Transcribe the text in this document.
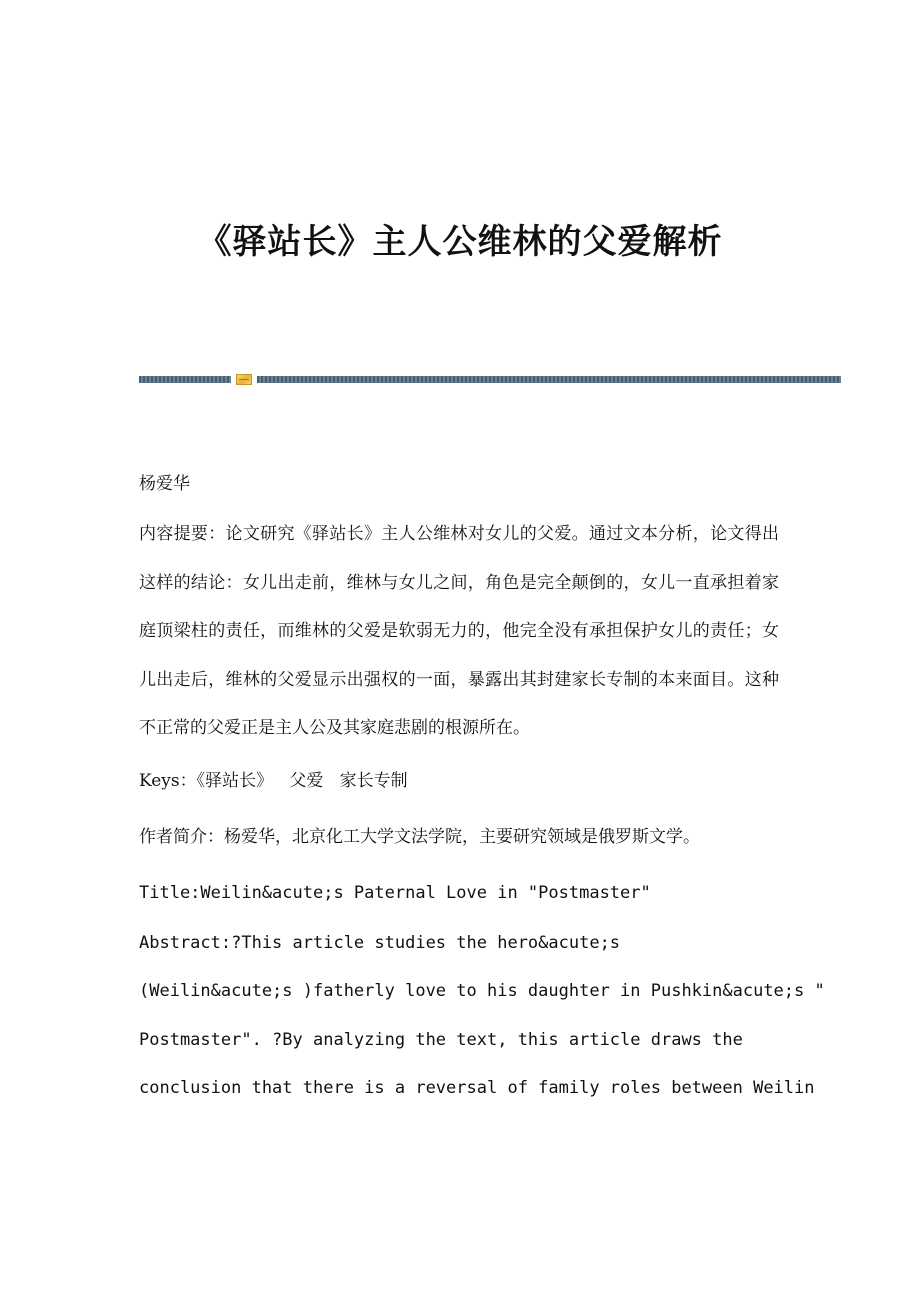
《驿站长》主人公维林的父爱解析

杨爱华

内容提要：论文研究《驿站长》主人公维林对女儿的父爱。通过文本分析，论文得出这样的结论：女儿出走前，维林与女儿之间，角色是完全颠倒的，女儿一直承担着家庭顶梁柱的责任，而维林的父爱是软弱无力的，他完全没有承担保护女儿的责任；女儿出走后，维林的父爱显示出强权的一面，暴露出其封建家长专制的本来面目。这种不正常的父爱正是主人公及其家庭悲剧的根源所在。

Keys：《驿站长》 父爱 家长专制

作者简介：杨爱华，北京化工大学文法学院，主要研究领域是俄罗斯文学。

Title:Weilin&acute;s Paternal Love in "Postmaster"

Abstract:?This article studies the hero&acute;s
(Weilin&acute;s )fatherly love to his daughter in Pushkin&acute;s "
Postmaster". ?By analyzing the text, this article draws the
conclusion that there is a reversal of family roles between Weilin
